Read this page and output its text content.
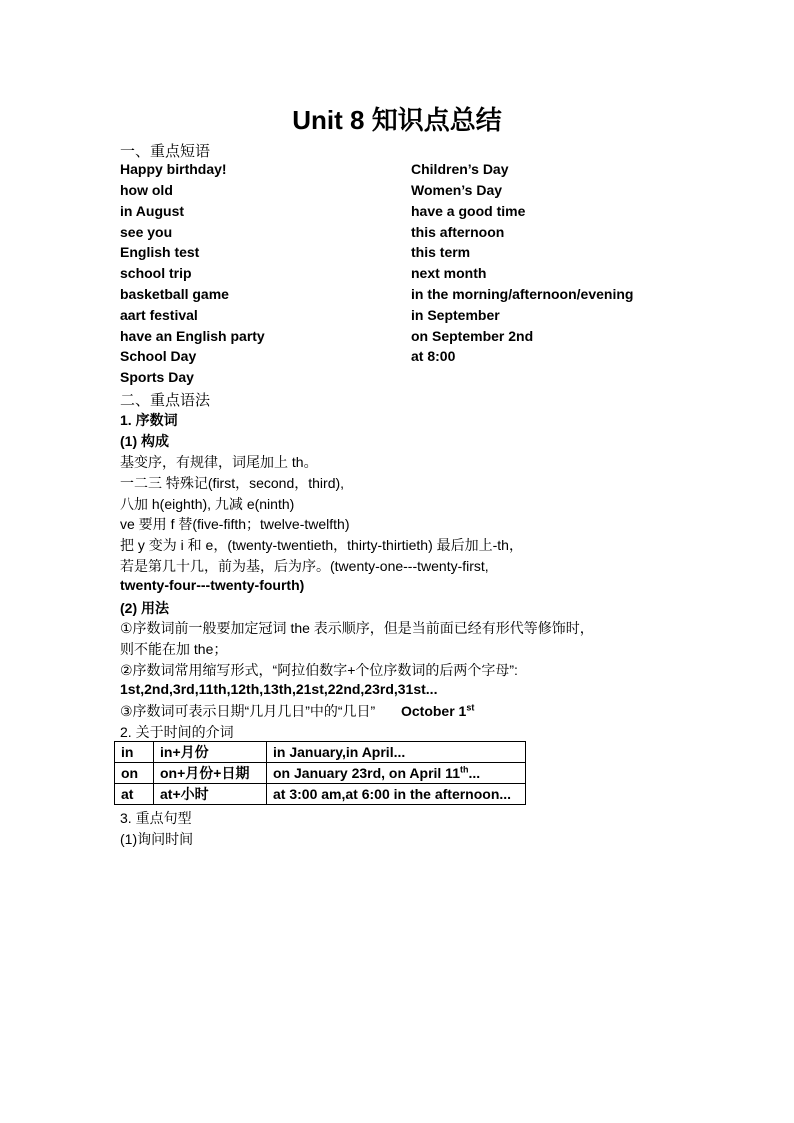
Unit 8 知识点总结
一、重点短语
Happy birthday!
how old
in August
see you
English test
school trip
basketball game
aart festival
have an English party
School Day
Sports Day
Children’s Day
Women’s Day
have a good time
this afternoon
this term
next month
in the morning/afternoon/evening
in September
on September 2nd
at 8:00
二、重点语法
1. 序数词
(1) 构成
基变序，有规律，词尾加上 th。
一二三 特殊记(first，second，third),
八加 h(eighth), 九减 e(ninth)
ve 要用 f 替(five-fifth；twelve-twelfth)
把 y 变为 i 和 e，(twenty-twentieth，thirty-thirtieth) 最后加上-th，
若是第几十几，前为基，后为序。(twenty-one---twenty-first,
twenty-four---twenty-fourth)
(2) 用法
①序数词前一般要加定冠词 the 表示顺序，但是当前面已经有形代等修饰时，
则不能在加 the；
②序数词常用缩写形式，“阿拉伯数字+个位序数词的后两个字母”:
1st,2nd,3rd,11th,12th,13th,21st,22nd,23rd,31st...
③序数词可表示日期“几月几日”中的“几日” October 1st
2. 关于时间的介词
in	in+月份	in January,in April...
on	on+月份+日期	on January 23rd, on April 11th...
at	at+小时	at 3:00 am,at 6:00 in the afternoon...
3. 重点句型
(1)询问时间
